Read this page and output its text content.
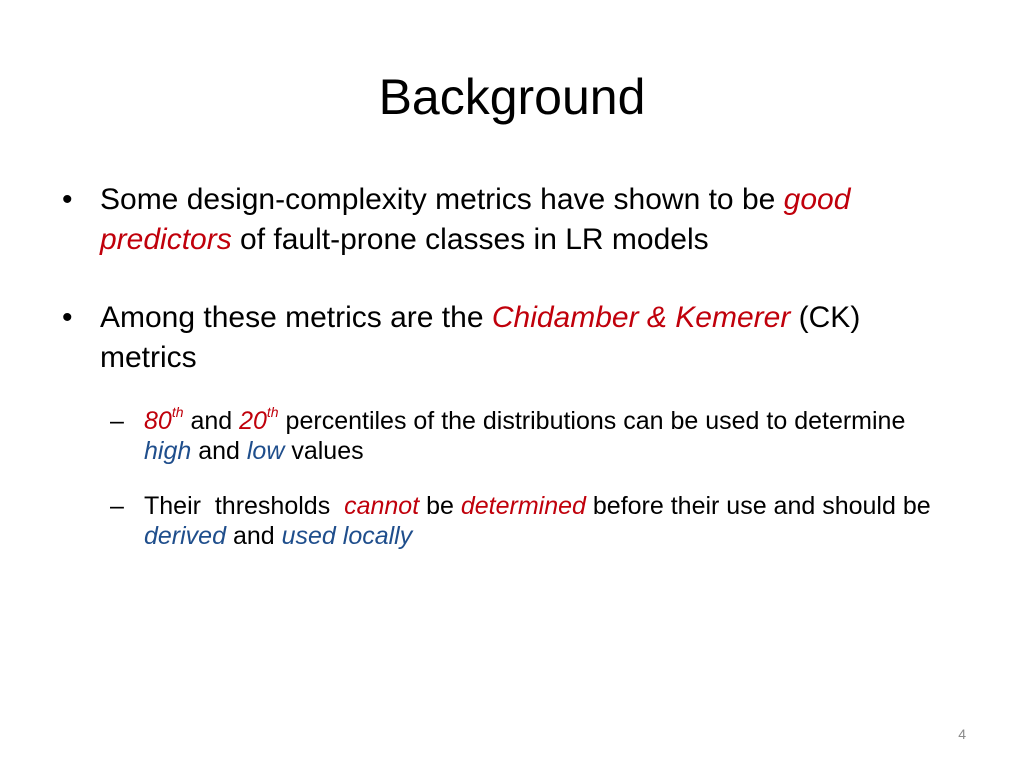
Background

• Some design-complexity metrics have shown to be good predictors of fault-prone classes in LR models

• Among these metrics are the Chidamber & Kemerer (CK) metrics

– 80th and 20th percentiles of the distributions can be used to determine high and low values

– Their  thresholds  cannot be determined before their use and should be derived and used locally

4
